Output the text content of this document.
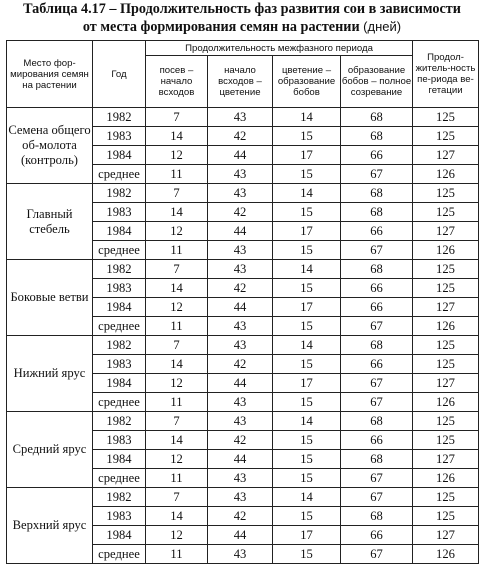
Таблица 4.17 – Продолжительность фаз развития сои в зависимости
от места формирования семян на растении (дней)
Место фор-мирования семян на растении	Год	Продолжительность межфазного периода				Продол-житель-ность пе-риода ве-гетации
		посев – начало всходов	начало всходов – цветение	цветение – образование бобов	образование бобов – полное созревание	
Семена общего об-молота (контроль)	1982	7	43	14	68	125
	1983	14	42	15	68	125
	1984	12	44	17	66	127
	среднее	11	43	15	67	126
Главный стебель	1982	7	43	14	68	125
	1983	14	42	15	68	125
	1984	12	44	17	66	127
	среднее	11	43	15	67	126
Боковые ветви	1982	7	43	14	68	125
	1983	14	42	15	66	125
	1984	12	44	17	66	127
	среднее	11	43	15	67	126
Нижний ярус	1982	7	43	14	68	125
	1983	14	42	15	66	125
	1984	12	44	17	67	127
	среднее	11	43	15	67	126
Средний ярус	1982	7	43	14	68	125
	1983	14	42	15	66	125
	1984	12	44	15	68	127
	среднее	11	43	15	67	126
Верхний ярус	1982	7	43	14	67	125
	1983	14	42	15	68	125
	1984	12	44	17	66	127
	среднее	11	43	15	67	126
